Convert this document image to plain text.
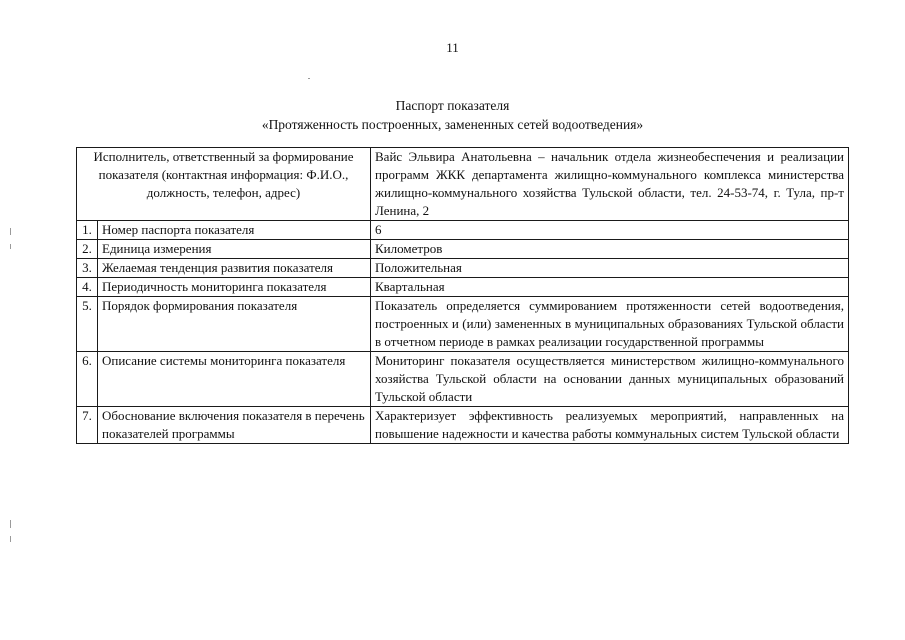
11
Паспорт показателя
«Протяженность построенных, замененных сетей водоотведения»
Исполнитель, ответственный за формирование показателя (контактная информация: Ф.И.О., должность, телефон, адрес)		Вайс Эльвира Анатольевна – начальник отдела жизнеобеспечения и реализации программ ЖКК департамента жилищно-коммунального комплекса министерства жилищно-коммунального хозяйства Тульской области, тел. 24-53-74, г. Тула, пр-т Ленина, 2
1.	Номер паспорта показателя	6
2.	Единица измерения	Километров
3.	Желаемая тенденция развития показателя	Положительная
4.	Периодичность мониторинга показателя	Квартальная
5.	Порядок формирования показателя	Показатель определяется суммированием протяженности сетей водоотведения, построенных и (или) замененных в муниципальных образованиях Тульской области в отчетном периоде в рамках реализации государственной программы
6.	Описание системы мониторинга показателя	Мониторинг показателя осуществляется министерством жилищно-коммунального хозяйства Тульской области на основании данных муниципальных образований Тульской области
7.	Обоснование включения показателя в перечень показателей программы	Характеризует эффективность реализуемых мероприятий, направленных на повышение надежности и качества работы коммунальных систем Тульской области
